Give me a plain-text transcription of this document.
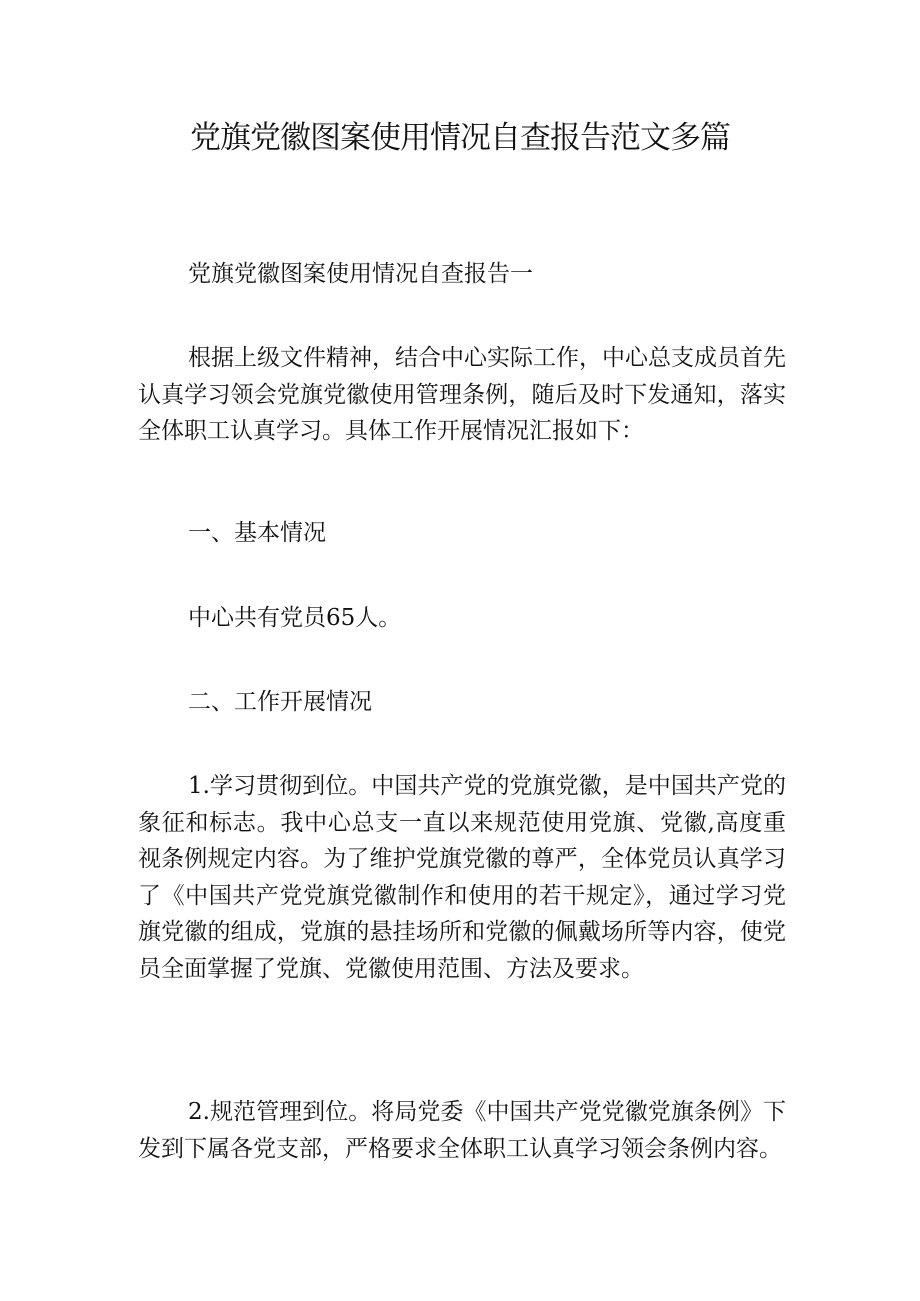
党旗党徽图案使用情况自查报告范文多篇

党旗党徽图案使用情况自查报告一

根据上级文件精神，结合中心实际工作，中心总支成员首先认真学习领会党旗党徽使用管理条例，随后及时下发通知，落实全体职工认真学习。具体工作开展情况汇报如下：

一、基本情况

中心共有党员65人。

二、工作开展情况

1.学习贯彻到位。中国共产党的党旗党徽，是中国共产党的象征和标志。我中心总支一直以来规范使用党旗、党徽,高度重视条例规定内容。为了维护党旗党徽的尊严，全体党员认真学习了《中国共产党党旗党徽制作和使用的若干规定》，通过学习党旗党徽的组成，党旗的悬挂场所和党徽的佩戴场所等内容，使党员全面掌握了党旗、党徽使用范围、方法及要求。

2.规范管理到位。将局党委《中国共产党党徽党旗条例》下发到下属各党支部，严格要求全体职工认真学习领会条例内容。
